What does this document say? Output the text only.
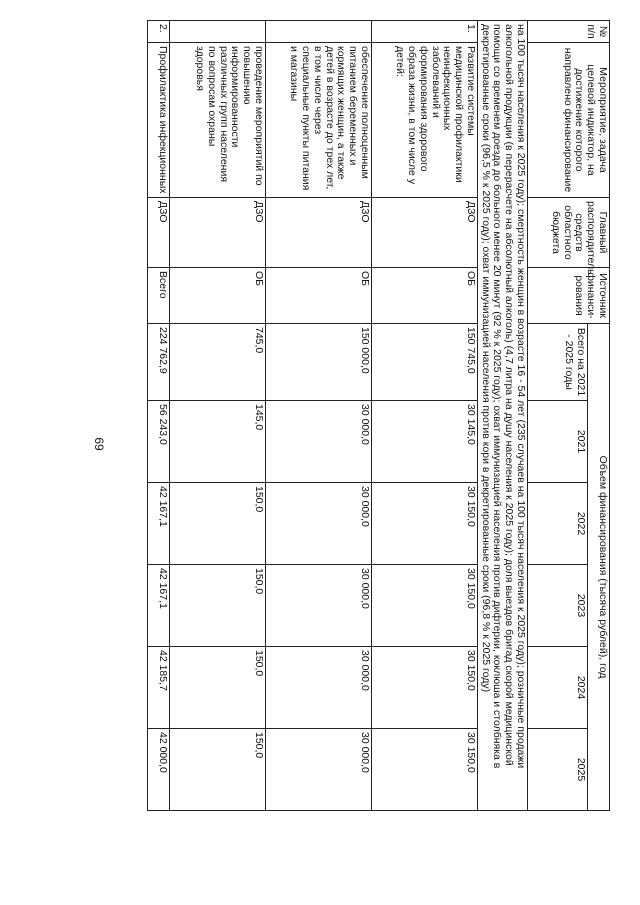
69
№ п/п	Мероприятие, задача целевой индикатор, на достижение которого направлено финансирование	Главный распорядитель средств областного бюджета	Источник финанси-рования	Объем финансирования (тысяча рублей), год					
				Всего на 2021 - 2025 годы	2021	2022	2023	2024	2025
на 100 тысяч населения к 2025 году); смертность женщин в возрасте 16 - 54 лет (235 случаев на 100 тысяч населения к 2025 году); розничные продажи алкогольной продукции (в перерасчете на абсолютный алкоголь) (4,7 литра на душу населения к 2025 году); доля выездов бригад скорой медицинской помощи со временем доезда до больного менее 20 минут (92 % к 2025 году); охват иммунизацией населения против дифтерии, коклюша и столбняка в декретированные сроки (96,5 % к 2025 году); охват иммунизацией населения против кори в декретированные сроки (96,8 % к 2025 году)									
1.	Развитие системы медицинской профилактики неинфекционных заболеваний и формирования здорового образа жизни, в том числе у детей:	ДЗО	ОБ	150 745,0	30 145,0	30 150,0	30 150,0	30 150,0	30 150,0
	обеспечение полноценным питанием беременных и кормящих женщин, а также детей в возрасте до трех лет, в том числе через специальные пункты питания и магазины	ДЗО	ОБ	150 000,0	30 000,0	30 000,0	30 000,0	30 000,0	30 000,0
	проведение мероприятий по повышению информированности различных групп населения по вопросам охраны здоровья	ДЗО	ОБ	745,0	145,0	150,0	150,0	150,0	150,0
2.	Профилактика инфекционных	ДЗО	Всего	224 762,9	56 243,0	42 167,1	42 167,1	42 185,7	42 000,0
